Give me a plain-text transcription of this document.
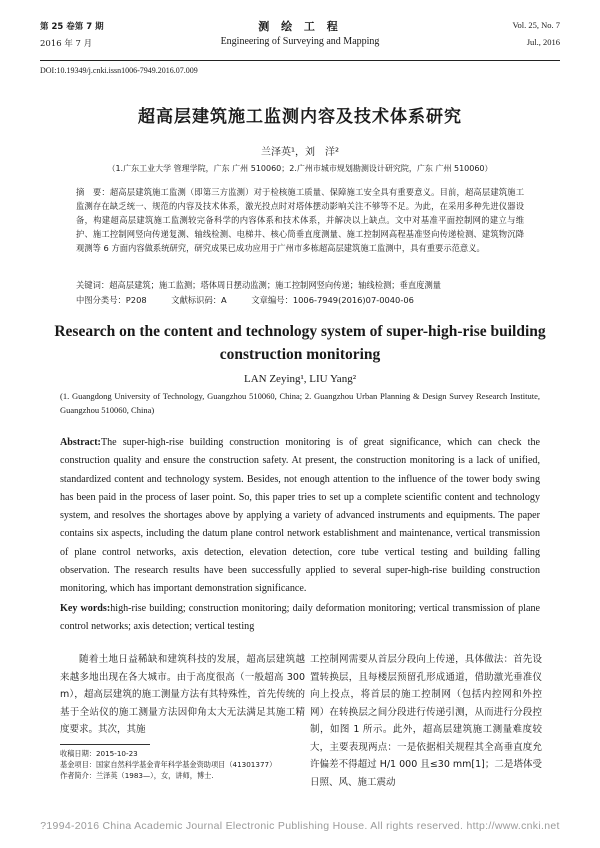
第 25 卷第 7 期
2016 年 7 月
测 绘 工 程
Engineering of Surveying and Mapping
Vol. 25, No. 7
Jul., 2016
DOI:10.19349/j.cnki.issn1006-7949.2016.07.009
超高层建筑施工监测内容及技术体系研究
兰泽英¹，刘　洋²
（1.广东工业大学 管理学院，广东 广州 510060；2.广州市城市规划勘测设计研究院，广东 广州 510060）
摘　要：超高层建筑施工监测（即第三方监测）对于检核施工质量、保障施工安全具有重要意义。目前，超高层建筑施工监测存在缺乏统一、规范的内容及技术体系，激光投点时对塔体摆动影响关注不够等不足。为此，在采用多种先进仪器设备，构建超高层建筑施工监测较完备科学的内容体系和技术体系，并解决以上缺点。文中对基准平面控制网的建立与维护、施工控制网竖向传递复测、轴线检测、电梯井、核心筒垂直度测量、施工控制网高程基准竖向传递检测、建筑物沉降观测等 6 方面内容做系统研究，研究成果已成功应用于广州市多栋超高层建筑施工监测中，具有重要示范意义。
关键词：超高层建筑；施工监测；塔体周日摆动监测；施工控制网竖向传递；轴线检测；垂直度测量
中图分类号：P208	文献标识码：A	文章编号：1006-7949(2016)07-0040-06
Research on the content and technology system of super-high-rise building construction monitoring
LAN Zeying¹, LIU Yang²
(1. Guangdong University of Technology, Guangzhou 510060, China; 2. Guangzhou Urban Planning & Design Survey Research Institute, Guangzhou 510060, China)
Abstract:The super-high-rise building construction monitoring is of great significance, which can check the construction quality and ensure the construction safety. At present, the construction monitoring is a lack of unified, standardized content and technology system. Besides, not enough attention to the influence of the tower body swing has been paid in the process of laser point. So, this paper tries to set up a complete scientific content and technology system, and resolves the shortages above by applying a variety of advanced instruments and equipments. The paper contains six aspects, including the datum plane control network establishment and maintenance, vertical transmission of plane control networks, axis detection, elevation detection, core tube vertical testing and building falling observation. The research results have been successfully applied to several super-high-rise building construction monitoring, which has important demonstration significance.
Key words:high-rise building; construction monitoring; daily deformation monitoring; vertical transmission of plane control networks; axis detection; vertical testing

随着土地日益稀缺和建筑科技的发展，超高层建筑越来越多地出现在各大城市。由于高度很高（一般超高 300 m），超高层建筑的施工测量方法有其特殊性，首先传统的基于全站仪的施工测量方法因仰角太大无法满足其施工精度要求。其次，其施

工控制网需要从首层分段向上传递，具体做法：首先设置转换层，且每楼层预留孔形成通道，借助激光垂准仪向上投点，将首层的施工控制网（包括内控网和外控网）在转换层之间分段进行传递引测，从而进行分段控制，如图 1 所示。此外，超高层建筑施工测量难度较大，主要表现两点：一是依据相关规程其全高垂直度允许偏差不得超过 H/1 000 且≤30 mm[1]；二是塔体受日照、风、施工震动

收稿日期：2015-10-23
基金项目：国家自然科学基金青年科学基金资助项目（41301377）
作者简介：兰泽英（1983—），女，讲师，博士.
?1994-2016 China Academic Journal Electronic Publishing House. All rights reserved. http://www.cnki.net
